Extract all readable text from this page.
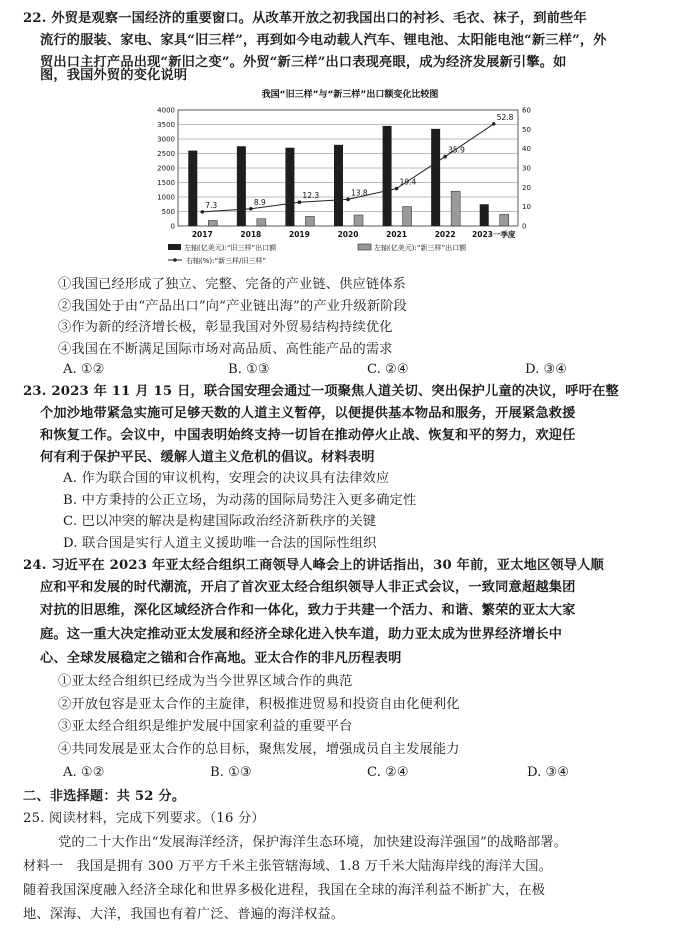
22. 外贸是观察一国经济的重要窗口。从改革开放之初我国出口的衬衫、毛衣、袜子，到前些年
流行的服装、家电、家具“旧三样”，再到如今电动载人汽车、锂电池、太阳能电池“新三样”，外
贸出口主打产品出现“新旧之变”。外贸“新三样”出口表现亮眼，成为经济发展新引擎。如
图，我国外贸的变化说明
我国“旧三样”与“新三样”出口额变化比较图
4000
3500
3000
2500
2000
1500
1000
500
0
60
50
40
30
20
10
0
7.3	8.9
12.3	13.8
19.4
35.9
52.8
2017	2018	2019	2020	2021	2022 2023一季度
左轴(亿美元):“旧三样”出口额	左轴(亿美元):“新三样”出口额
右轴(%):“新三样/旧三样”
①我国已经形成了独立、完整、完备的产业链、供应链体系
②我国处于由“产品出口”向“产业链出海”的产业升级新阶段
③作为新的经济增长极，彰显我国对外贸易结构持续优化
④我国在不断满足国际市场对高品质、高性能产品的需求
A. ①②	B. ①③	C. ②④	D. ③④
23. 2023 年 11 月 15 日，联合国安理会通过一项聚焦人道关切、突出保护儿童的决议，呼吁在整
个加沙地带紧急实施可足够天数的人道主义暂停，以便提供基本物品和服务，开展紧急救援
和恢复工作。会议中，中国表明始终支持一切旨在推动停火止战、恢复和平的努力，欢迎任
何有利于保护平民、缓解人道主义危机的倡议。材料表明
A. 作为联合国的审议机构，安理会的决议具有法律效应
B. 中方秉持的公正立场，为动荡的国际局势注入更多确定性
C. 巴以冲突的解决是构建国际政治经济新秩序的关键
D. 联合国是实行人道主义援助唯一合法的国际性组织
24. 习近平在 2023 年亚太经合组织工商领导人峰会上的讲话指出，30 年前，亚太地区领导人顺
应和平和发展的时代潮流，开启了首次亚太经合组织领导人非正式会议，一致同意超越集团
对抗的旧思维，深化区域经济合作和一体化，致力于共建一个活力、和谐、繁荣的亚太大家
庭。这一重大决定推动亚太发展和经济全球化进入快车道，助力亚太成为世界经济增长中
心、全球发展稳定之锚和合作高地。亚太合作的非凡历程表明
①亚太经合组织已经成为当今世界区域合作的典范
②开放包容是亚太合作的主旋律，积极推进贸易和投资自由化便利化
③亚太经合组织是维护发展中国家利益的重要平台
④共同发展是亚太合作的总目标，聚焦发展，增强成员自主发展能力
A. ①②	B. ①③	C. ②④	D. ③④
二、非选择题：共 52 分。
25. 阅读材料，完成下列要求。（16 分）
党的二十大作出“发展海洋经济，保护海洋生态环境，加快建设海洋强国”的战略部署。
材料一　我国是拥有 300 万平方千米主张管辖海域、1.8 万千米大陆海岸线的海洋大国。
随着我国深度融入经济全球化和世界多极化进程，我国在全球的海洋利益不断扩大，在极
地、深海、大洋，我国也有着广泛、普遍的海洋权益。
